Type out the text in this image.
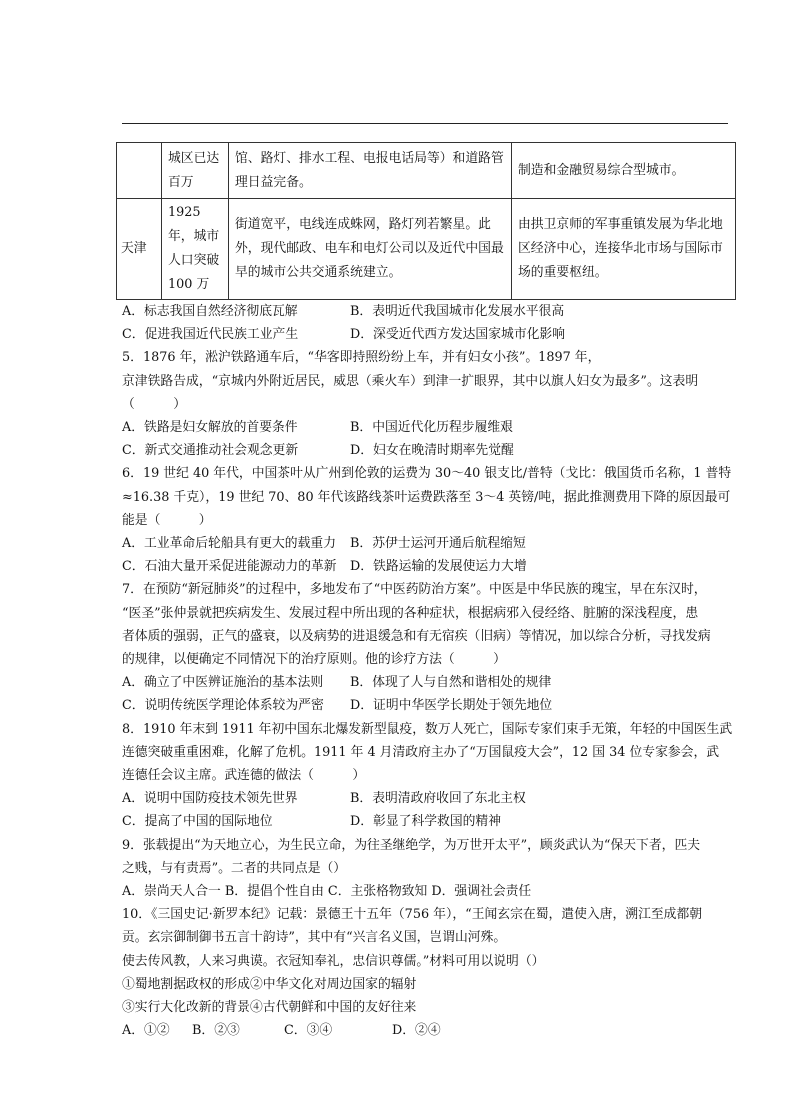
	城区已达百万	馆、路灯、排水工程、电报电话局等）和道路管理日益完备。	制造和金融贸易综合型城市。
天津	1925 年，城市人口突破 100 万	街道宽平，电线连成蛛网，路灯列若繁星。此外，现代邮政、电车和电灯公司以及近代中国最早的城市公共交通系统建立。	由拱卫京师的军事重镇发展为华北地区经济中心，连接华北市场与国际市场的重要枢纽。

A．标志我国自然经济彻底瓦解	B．表明近代我国城市化发展水平很高

C．促进我国近代民族工业产生	D．深受近代西方发达国家城市化影响

5．1876 年，淞沪铁路通车后，“华客即持照纷纷上车，并有妇女小孩”。1897 年，

京津铁路告成，“京城内外附近居民，威思（乘火车）到津一扩眼界，其中以旗人妇女为最多”。这表明

（　　　）

A．铁路是妇女解放的首要条件	B．中国近代化历程步履维艰

C．新式交通推动社会观念更新	D．妇女在晚清时期率先觉醒

6．19 世纪 40 年代，中国茶叶从广州到伦敦的运费为 30～40 银支比/普特（戈比：俄国货币名称，1 普特

≈16.38 千克），19 世纪 70、80 年代该路线茶叶运费跌落至 3～4 英镑/吨，据此推测费用下降的原因最可

能是（　　　）

A．工业革命后轮船具有更大的载重力	B．苏伊士运河开通后航程缩短

C．石油大量开采促进能源动力的革新	D．铁路运输的发展使运力大增

7．在预防“新冠肺炎”的过程中，多地发布了“中医药防治方案”。中医是中华民族的瑰宝，早在东汉时，

“医圣”张仲景就把疾病发生、发展过程中所出现的各种症状，根据病邪入侵经络、脏腑的深浅程度，患

者体质的强弱，正气的盛衰，以及病势的进退缓急和有无宿疾（旧病）等情况，加以综合分析，寻找发病

的规律，以便确定不同情况下的治疗原则。他的诊疗方法（　　　）

A．确立了中医辨证施治的基本法则	B．体现了人与自然和谐相处的规律

C．说明传统医学理论体系较为严密	D．证明中华医学长期处于领先地位

8．1910 年末到 1911 年初中国东北爆发新型鼠疫，数万人死亡，国际专家们束手无策，年轻的中国医生武

连德突破重重困难，化解了危机。1911 年 4 月清政府主办了“万国鼠疫大会”，12 国 34 位专家参会，武

连德任会议主席。武连德的做法（　　　）

A．说明中国防疫技术领先世界	B．表明清政府收回了东北主权

C．提高了中国的国际地位	D．彰显了科学救国的精神

9．张载提出“为天地立心，为生民立命，为往圣继绝学，为万世开太平”，顾炎武认为“保天下者，匹夫

之贱，与有责焉”。二者的共同点是（）

A．崇尚天人合一 B．提倡个性自由 C．主张格物致知 D．强调社会责任

10．《三国史记·新罗本纪》记载：景德王十五年（756 年），“王闻玄宗在蜀，遣使入唐，溯江至成都朝

贡。玄宗御制御书五言十韵诗”，其中有“兴言名义国，岂谓山河殊。

使去传风教，人来习典谟。衣冠知奉礼，忠信识尊儒。”材料可用以说明（）

①蜀地割据政权的形成②中华文化对周边国家的辐射

③实行大化改新的背景④古代朝鲜和中国的友好往来

A．①②	B．②③	C．③④	D．②④
